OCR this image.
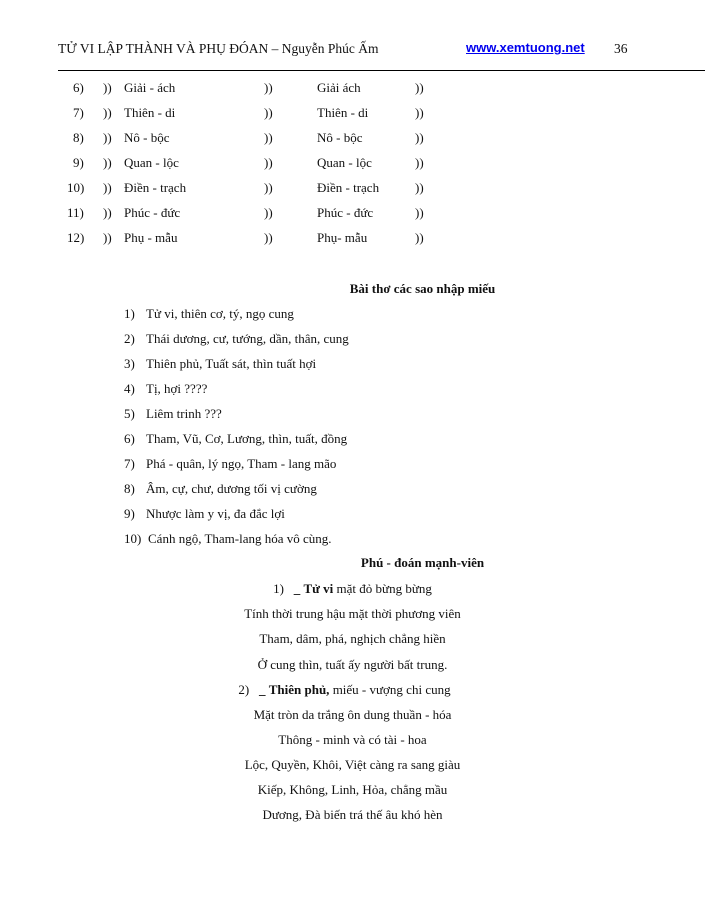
TỬ VI LẬP THÀNH VÀ PHỤ ĐÓAN – Nguyễn Phúc Ấm	www.xemtuong.net 36
6) )) Giải - ách	))	Giải ách	))
7) )) Thiên - di	))	Thiên - di	))
8) )) Nô - bộc	))	Nô - bộc	))
9) )) Quan - lộc	))	Quan - lộc	))
10) )) Điền - trạch	))	Điền - trạch	))
11) )) Phúc - đức	))	Phúc - đức	))
12) )) Phụ - mẫu	))	Phụ- mẫu	))
Bài thơ các sao nhập miếu
1) Tử vi, thiên cơ, tý, ngọ cung
2) Thái dương, cư, tướng, dần, thân, cung
3) Thiên phủ, Tuất sát, thìn tuất hợi
4) Tị, hợi ????
5) Liêm trinh ???
6) Tham, Vũ, Cơ, Lương, thìn, tuất, đồng
7) Phá - quân, lý ngọ, Tham - lang mão
8) Âm, cự, chư, dương tối vị cường
9) Nhược làm y vị, đa đắc lợi
10) Cánh ngộ, Tham-lang hóa vô cùng.
Phú - đoán mạnh-viên
1) _ Tử vi mặt đỏ bừng bừng
Tính thời trung hậu mặt thời phương viên
Tham, dâm, phá, nghịch chẳng hiền
Ở cung thìn, tuất ấy người bất trung.
2) _ Thiên phủ, miếu - vượng chi cung
Mặt tròn da trắng ôn dung thuần - hóa
Thông - minh và có tài - hoa
Lộc, Quyền, Khôi, Việt càng ra sang giàu
Kiếp, Không, Linh, Hỏa, chẳng mầu
Dương, Đà biến trá thế âu khó hèn
